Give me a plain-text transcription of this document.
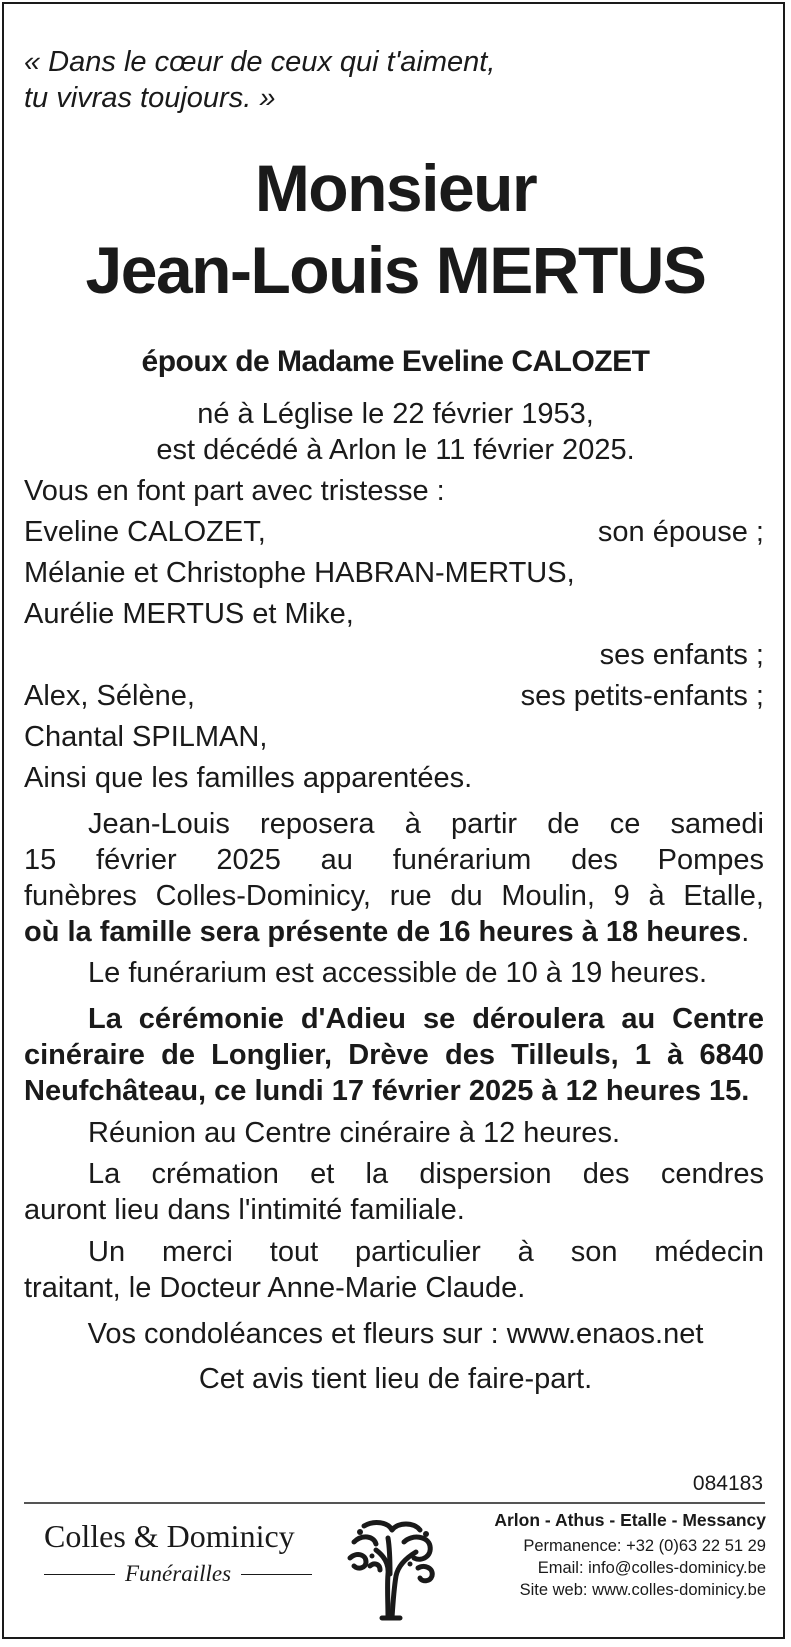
« Dans le cœur de ceux qui t'aiment,
tu vivras toujours. »
Monsieur
Jean-Louis MERTUS
époux de Madame Eveline CALOZET
né à Léglise le 22 février 1953,
est décédé à Arlon le 11 février 2025.
Vous en font part avec tristesse :
Eveline CALOZET,	son épouse ;
Mélanie et Christophe HABRAN-MERTUS,
Aurélie MERTUS et Mike,
ses enfants ;
Alex, Sélène,	ses petits-enfants ;
Chantal SPILMAN,
Ainsi que les familles apparentées.
Jean-Louis reposera à partir de ce samedi
15 février 2025 au funérarium des Pompes
funèbres Colles-Dominicy, rue du Moulin, 9 à Etalle,
où la famille sera présente de 16 heures à 18 heures.
Le funérarium est accessible de 10 à 19 heures.
La cérémonie d'Adieu se déroulera au Centre
cinéraire de Longlier, Drève des Tilleuls, 1 à 6840
Neufchâteau, ce lundi 17 février 2025 à 12 heures 15.
Réunion au Centre cinéraire à 12 heures.
La crémation et la dispersion des cendres
auront lieu dans l'intimité familiale.
Un merci tout particulier à son médecin
traitant, le Docteur Anne-Marie Claude.
Vos condoléances et fleurs sur : www.enaos.net
Cet avis tient lieu de faire-part.
084183
Colles & Dominicy
Funérailles
Arlon - Athus - Etalle - Messancy
Permanence: +32 (0)63 22 51 29
Email: info@colles-dominicy.be
Site web: www.colles-dominicy.be
